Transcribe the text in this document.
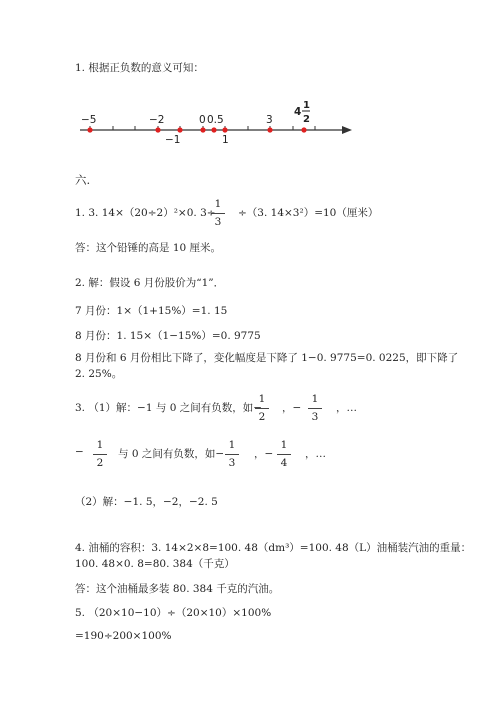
1. 根据正负数的意义可知：
−5	−2	0 0.5	3
4
1
2
−1	1
六.
1. 3. 14×（20÷2）²×0. 3÷
1
3
÷（3. 14×3²）=10（厘米）
答：这个铅锤的高是 10 厘米。
2. 解：假设 6 月份股价为“1”．
7 月份：1×（1+15%）=1. 15
8 月份：1. 15×（1−15%）=0. 9775
8 月份和 6 月份相比下降了，变化幅度是下降了 1−0. 9775=0. 0225，即下降了
2. 25%。
3. （1）解：−1 与 0 之间有负数，如−
1
2
，−
1
3
，…
−
1
2
与 0 之间有负数，如−
1
3
，−
1
4
，…
（2）解：−1. 5，−2，−2. 5
4. 油桶的容积：3. 14×2×8=100. 48（dm³）=100. 48（L）油桶装汽油的重量：
100. 48×0. 8=80. 384（千克）
答：这个油桶最多装 80. 384 千克的汽油。
5. （20×10−10）÷（20×10）×100%
=190÷200×100%
